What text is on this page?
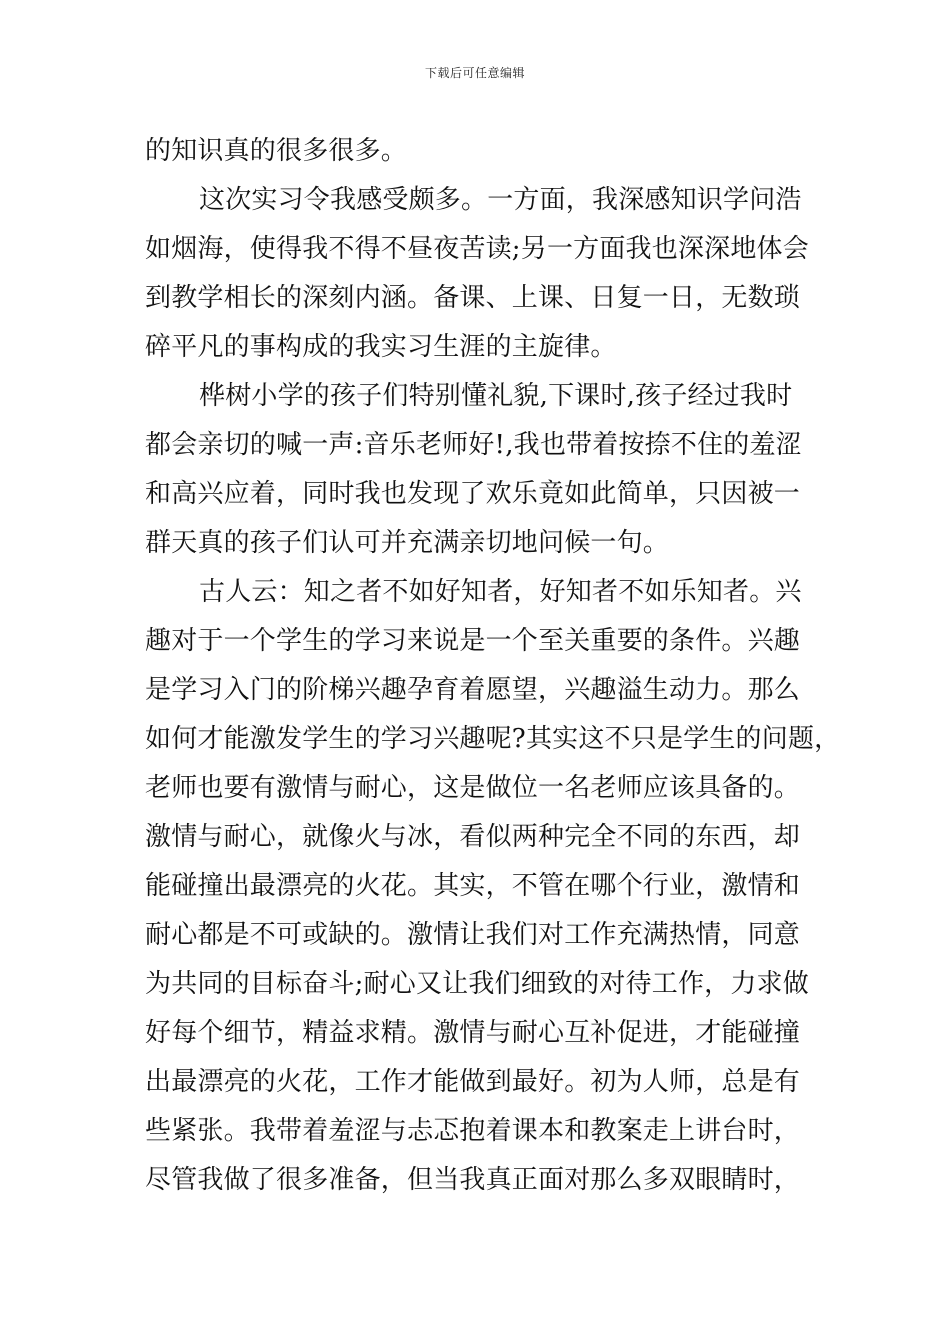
下载后可任意编辑
的知识真的很多很多。
这次实习令我感受颇多。一方面，我深感知识学问浩
如烟海，使得我不得不昼夜苦读;另一方面我也深深地体会
到教学相长的深刻内涵。备课、上课、日复一日，无数琐
碎平凡的事构成的我实习生涯的主旋律。
桦树小学的孩子们特别懂礼貌,下课时,孩子经过我时
都会亲切的喊一声:音乐老师好!,我也带着按捺不住的羞涩
和高兴应着，同时我也发现了欢乐竟如此简单，只因被一
群天真的孩子们认可并充满亲切地问候一句。
古人云：知之者不如好知者，好知者不如乐知者。兴
趣对于一个学生的学习来说是一个至关重要的条件。兴趣
是学习入门的阶梯兴趣孕育着愿望，兴趣溢生动力。那么
如何才能激发学生的学习兴趣呢?其实这不只是学生的问题，
老师也要有激情与耐心，这是做位一名老师应该具备的。
激情与耐心，就像火与冰，看似两种完全不同的东西，却
能碰撞出最漂亮的火花。其实，不管在哪个行业，激情和
耐心都是不可或缺的。激情让我们对工作充满热情，同意
为共同的目标奋斗;耐心又让我们细致的对待工作，力求做
好每个细节，精益求精。激情与耐心互补促进，才能碰撞
出最漂亮的火花，工作才能做到最好。初为人师，总是有
些紧张。我带着羞涩与忐忑抱着课本和教案走上讲台时，
尽管我做了很多准备，但当我真正面对那么多双眼睛时，
